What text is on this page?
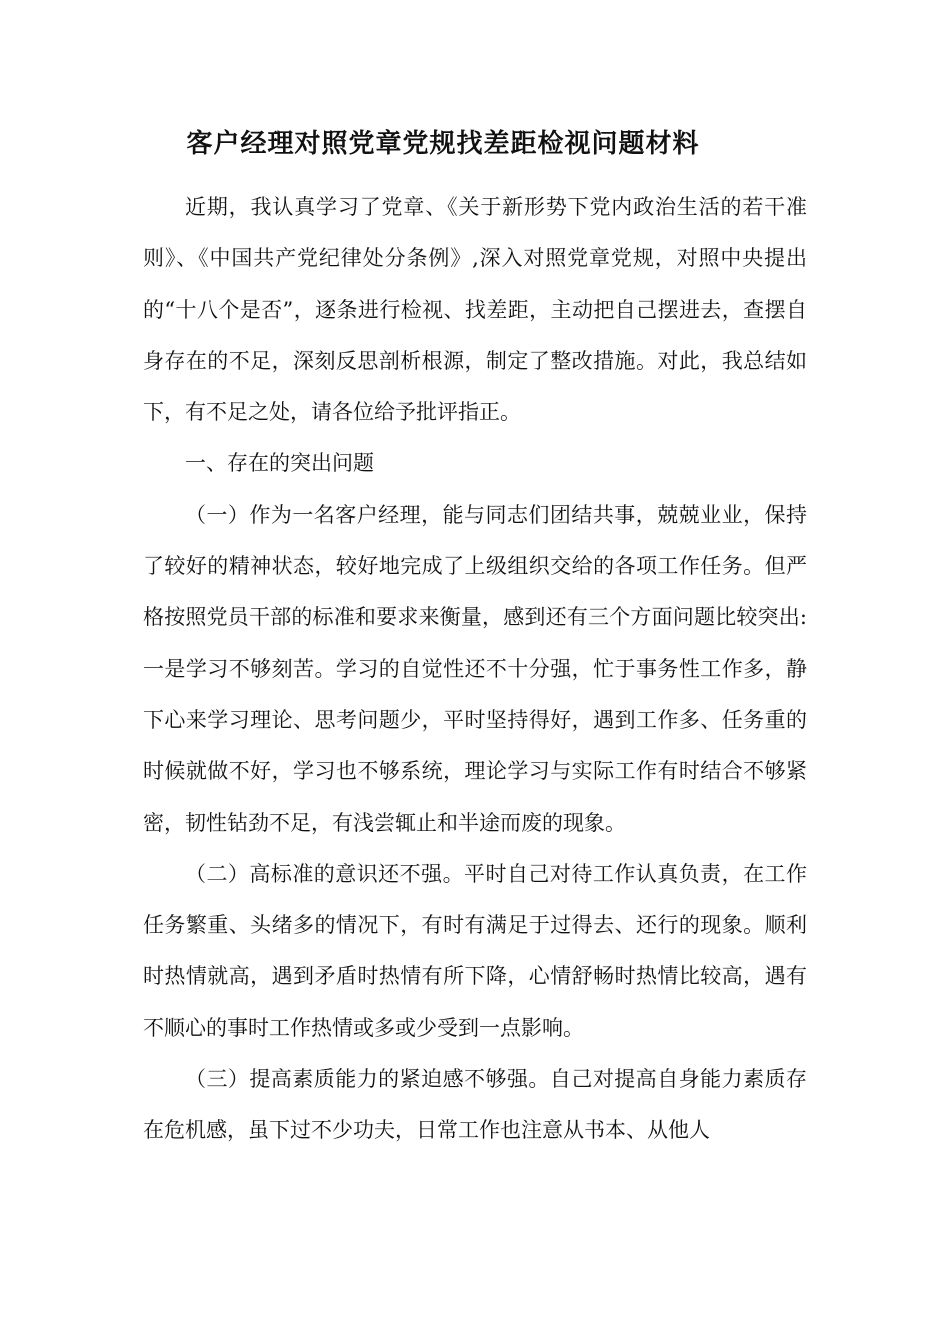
客户经理对照党章党规找差距检视问题材料

近期，我认真学习了党章、《关于新形势下党内政治生活的若干准则》、《中国共产党纪律处分条例》,深入对照党章党规，对照中央提出的“十八个是否”，逐条进行检视、找差距，主动把自己摆进去，查摆自身存在的不足，深刻反思剖析根源，制定了整改措施。对此，我总结如下，有不足之处，请各位给予批评指正。

一、存在的突出问题

（一）作为一名客户经理，能与同志们团结共事，兢兢业业，保持了较好的精神状态，较好地完成了上级组织交给的各项工作任务。但严格按照党员干部的标准和要求来衡量，感到还有三个方面问题比较突出:一是学习不够刻苦。学习的自觉性还不十分强，忙于事务性工作多，静下心来学习理论、思考问题少，平时坚持得好，遇到工作多、任务重的时候就做不好，学习也不够系统，理论学习与实际工作有时结合不够紧密，韧性钻劲不足，有浅尝辄止和半途而废的现象。

（二）高标准的意识还不强。平时自己对待工作认真负责，在工作任务繁重、头绪多的情况下，有时有满足于过得去、还行的现象。顺利时热情就高，遇到矛盾时热情有所下降，心情舒畅时热情比较高，遇有不顺心的事时工作热情或多或少受到一点影响。

（三）提高素质能力的紧迫感不够强。自己对提高自身能力素质存在危机感，虽下过不少功夫，日常工作也注意从书本、从他人
